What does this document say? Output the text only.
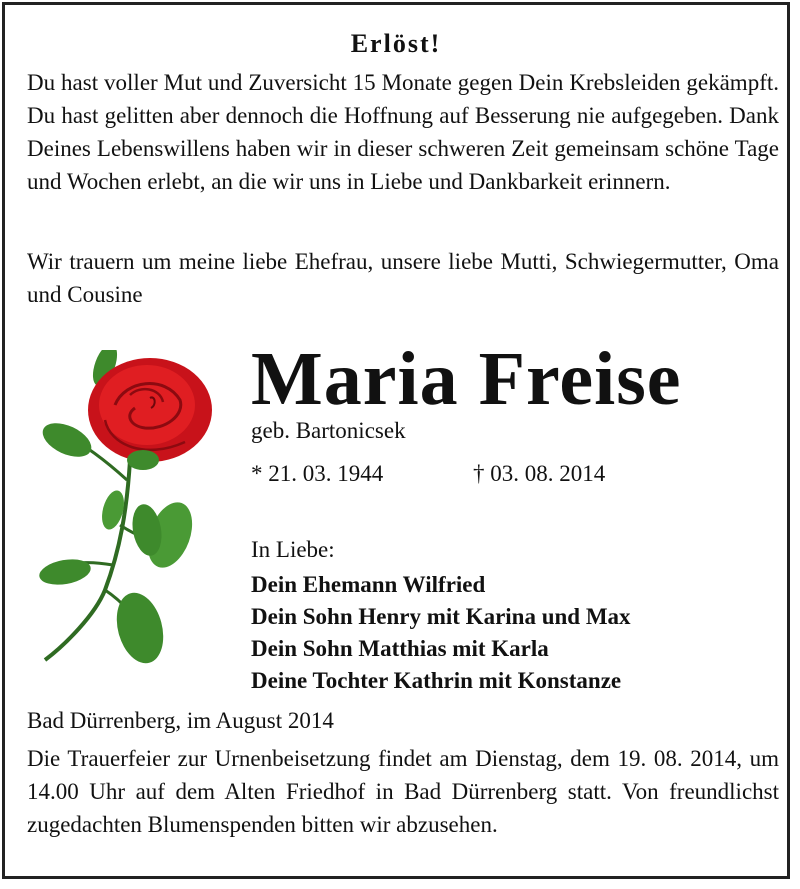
Erlöst!

Du hast voller Mut und Zuversicht 15 Monate gegen Dein Krebsleiden gekämpft. Du hast gelitten aber dennoch die Hoffnung auf Besserung nie aufgegeben. Dank Deines Lebenswillens haben wir in dieser schweren Zeit gemeinsam schöne Tage und Wochen erlebt, an die wir uns in Liebe und Dankbarkeit erinnern.

Wir trauern um meine liebe Ehefrau, unsere liebe Mutti, Schwiegermutter, Oma und Cousine

Maria Freise
geb. Bartonicsek
* 21. 03. 1944	† 03. 08. 2014
In Liebe:
Dein Ehemann Wilfried
Dein Sohn Henry mit Karina und Max
Dein Sohn Matthias mit Karla
Deine Tochter Kathrin mit Konstanze
Bad Dürrenberg, im August 2014

Die Trauerfeier zur Urnenbeisetzung findet am Dienstag, dem 19. 08. 2014, um 14.00 Uhr auf dem Alten Friedhof in Bad Dürrenberg statt. Von freundlichst zugedachten Blumenspenden bitten wir abzusehen.
